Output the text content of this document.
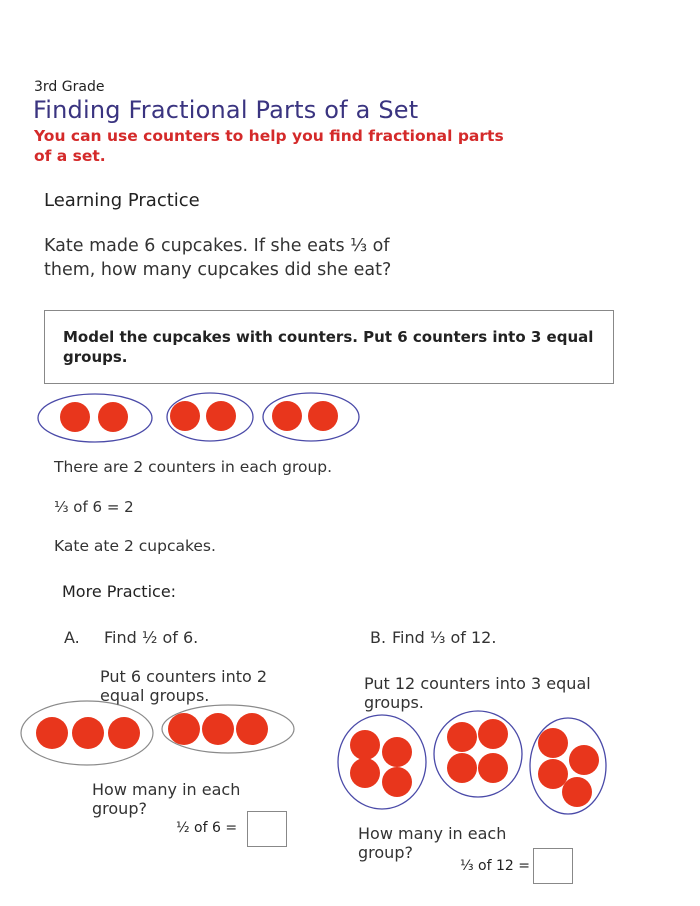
3rd Grade
Finding Fractional Parts of a Set
You can use counters to help you find fractional parts of a set.
Learning Practice
Kate made 6 cupcakes. If she eats ⅓ of them, how many cupcakes did she eat?
Model the cupcakes with counters. Put 6 counters into 3 equal groups.
There are 2 counters in each group.
⅓ of 6 = 2
Kate ate 2 cupcakes.
More Practice:
A. Find ½ of 6.	B. Find ⅓ of 12.
Put 6 counters into 2 equal groups.
Put 12 counters into 3 equal groups.
How many in each group?
½ of 6 =	How many in each group?
⅓ of 12 =
